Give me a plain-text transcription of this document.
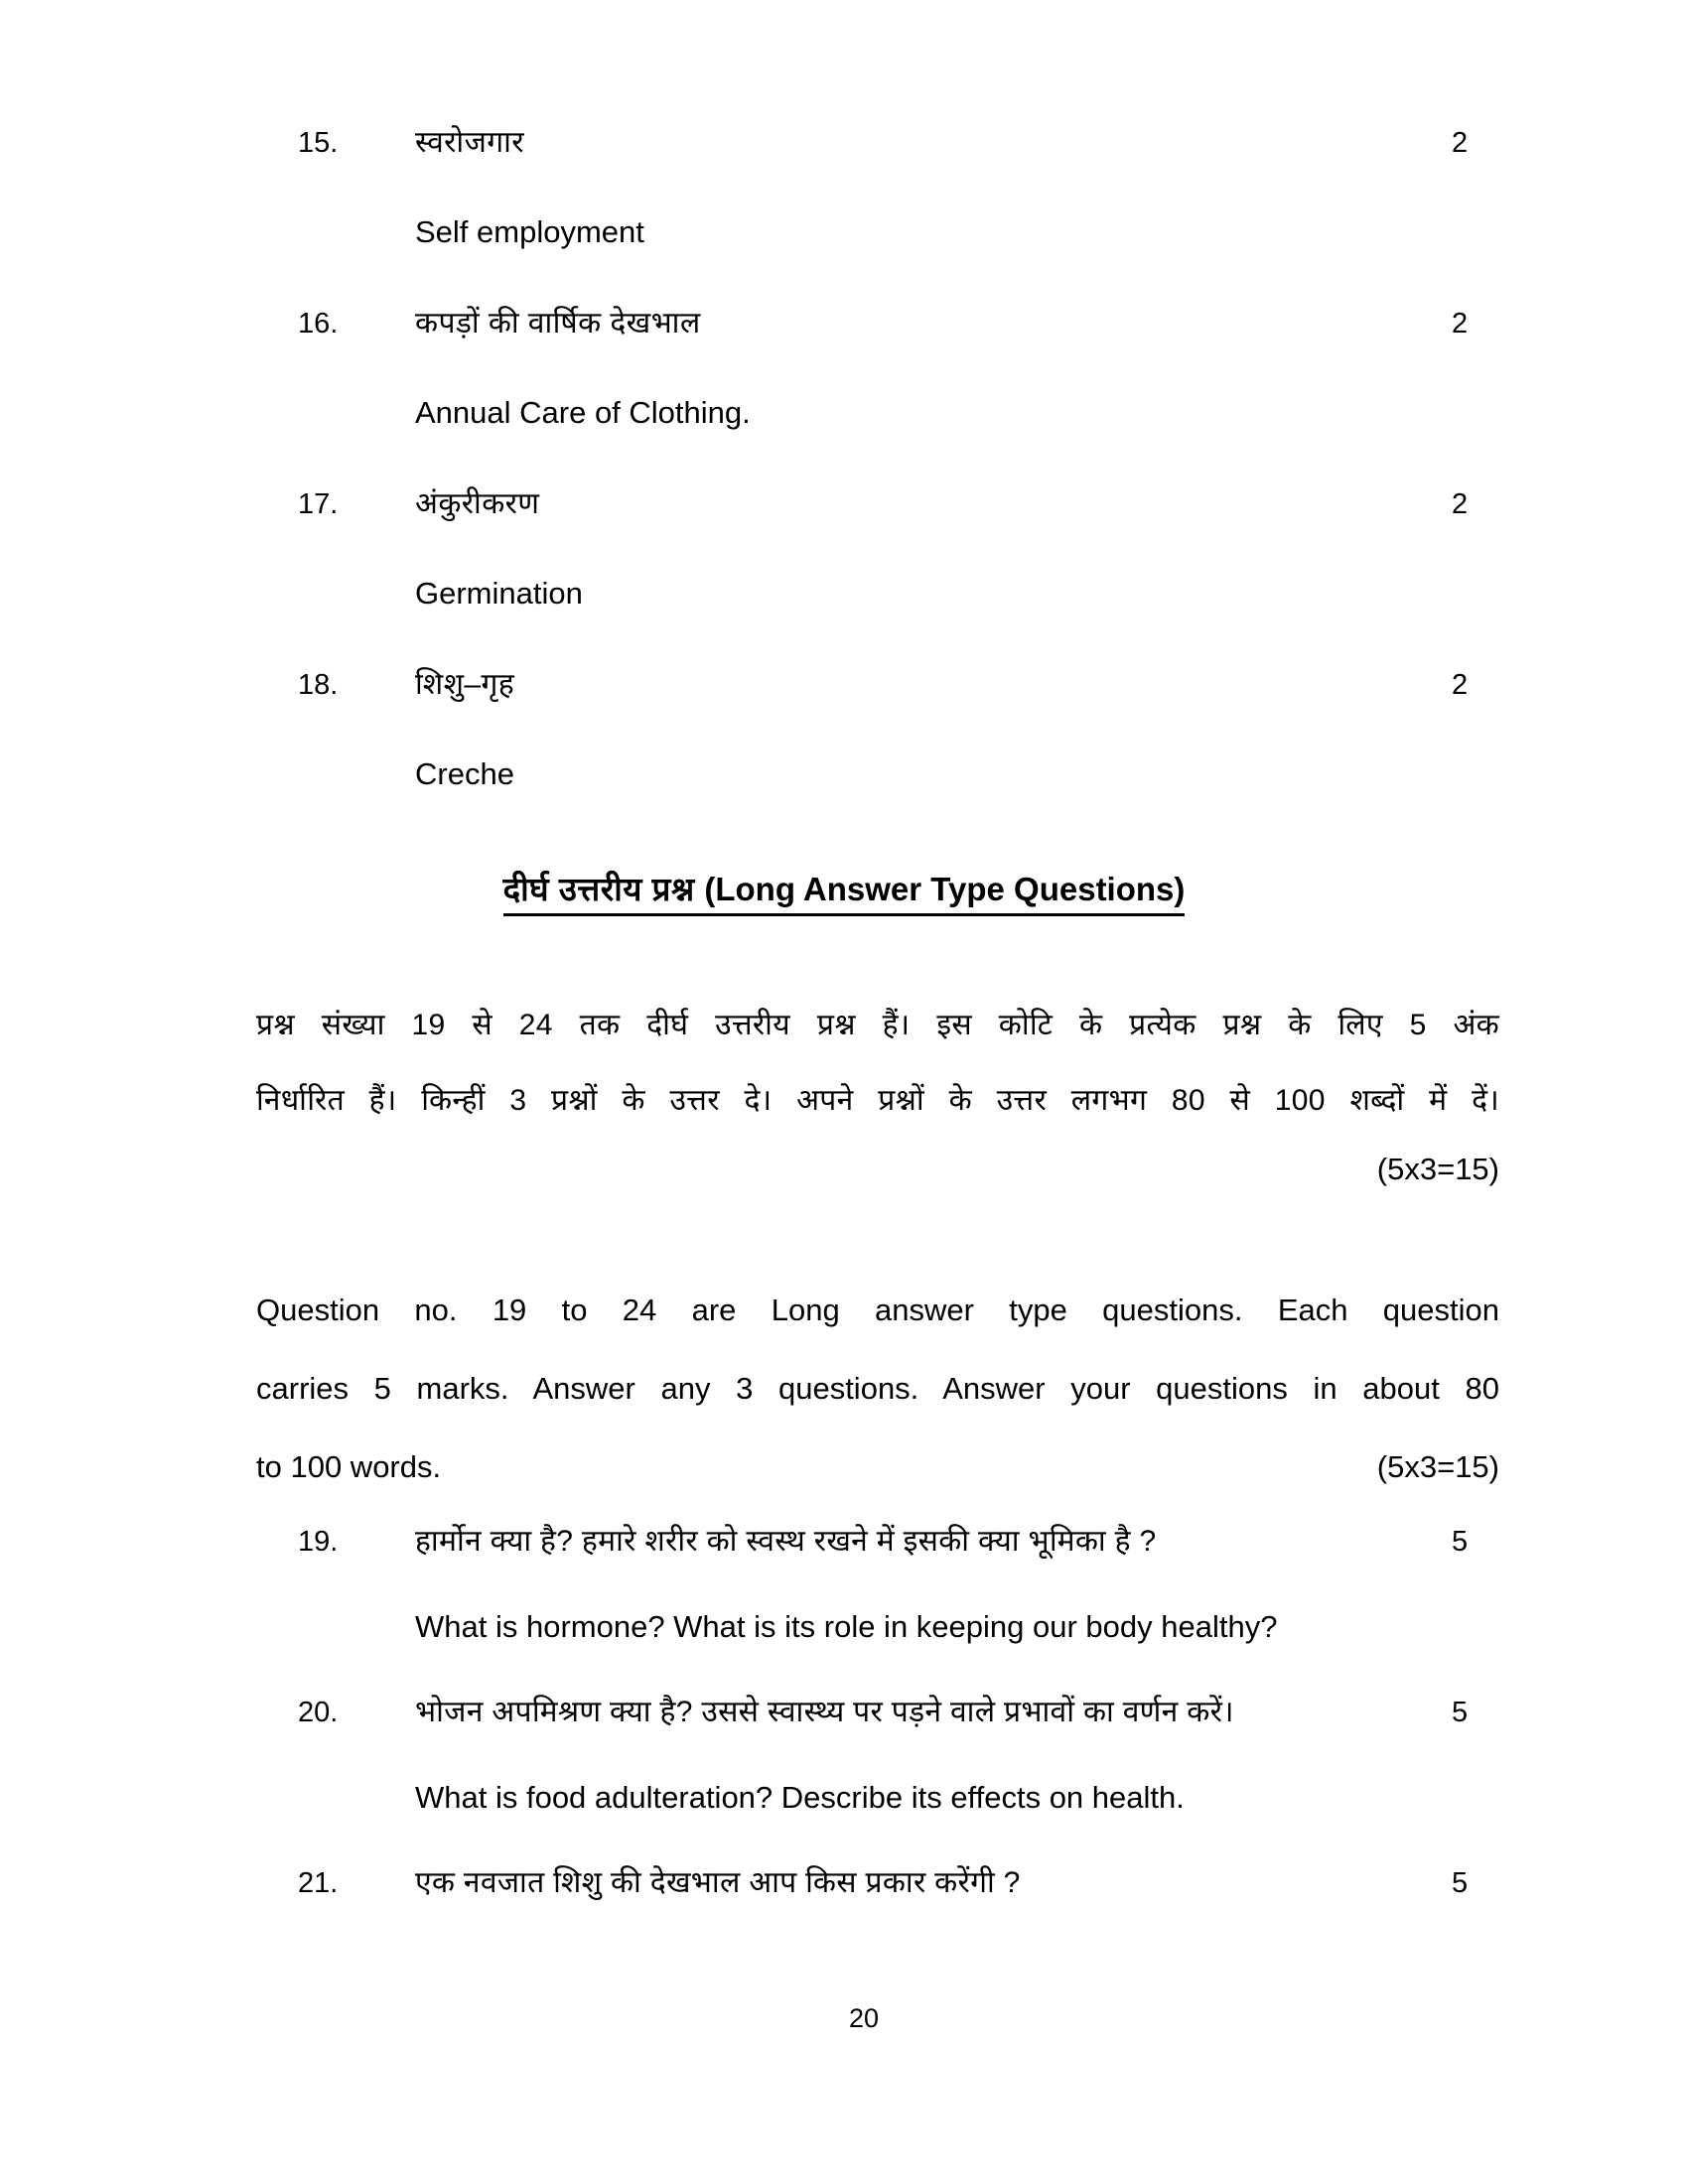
15.	स्वरोजगार	2
Self employment
16.	कपड़ों की वार्षिक देखभाल	2
Annual Care of Clothing.
17.	अंकुरीकरण	2
Germination
18.	शिशु–गृह	2
Creche
दीर्घ उत्तरीय प्रश्न (Long Answer Type Questions)
प्रश्न संख्या 19 से 24 तक दीर्घ उत्तरीय प्रश्न हैं। इस कोटि के प्रत्येक प्रश्न के लिए 5 अंक
निर्धारित हैं। किन्हीं 3 प्रश्नों के उत्तर दे। अपने प्रश्नों के उत्तर लगभग 80 से 100 शब्दों में दें।
(5x3=15)
Question no. 19 to 24 are Long answer type questions. Each question
carries 5 marks. Answer any 3 questions. Answer your questions in about 80
to 100 words.	(5x3=15)
19.	हार्मोन क्या है? हमारे शरीर को स्वस्थ रखने में इसकी क्या भूमिका है ?	5
What is hormone? What is its role in keeping our body healthy?
20.	भोजन अपमिश्रण क्या है? उससे स्वास्थ्य पर पड़ने वाले प्रभावों का वर्णन करें।	5
What is food adulteration? Describe its effects on health.
21.	एक नवजात शिशु की देखभाल आप किस प्रकार करेंगी ?	5
20
